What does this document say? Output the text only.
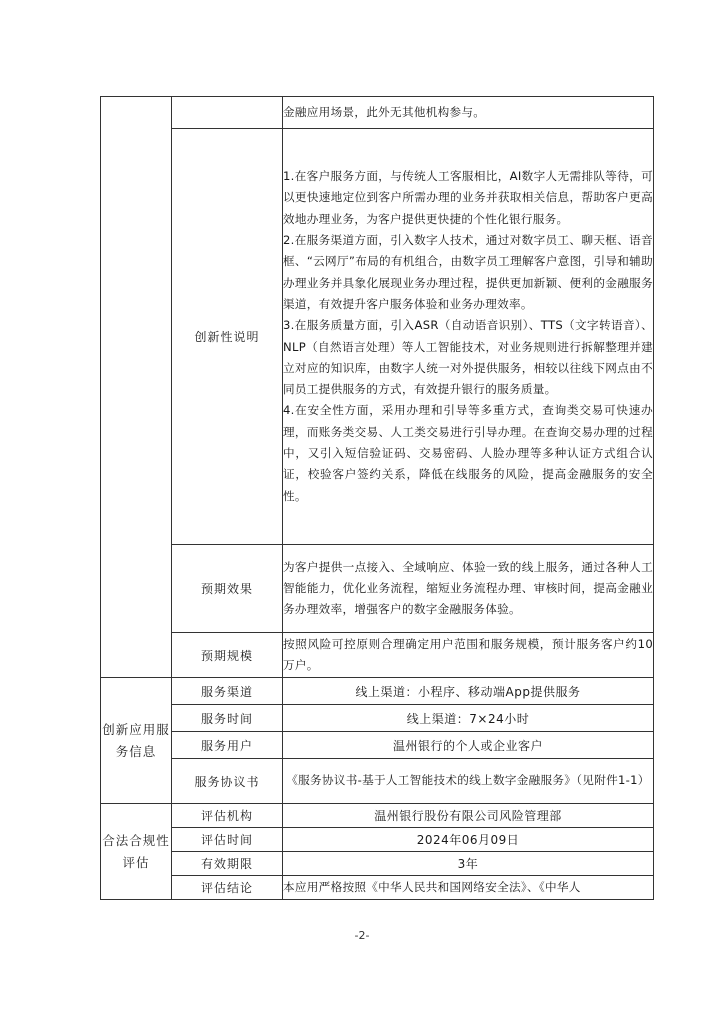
		金融应用场景，此外无其他机构参与。
	创新性说明	1.在客户服务方面，与传统人工客服相比，AI数字人无需排队等待，可以更快速地定位到客户所需办理的业务并获取相关信息，帮助客户更高效地办理业务，为客户提供更快捷的个性化银行服务。

2.在服务渠道方面，引入数字人技术，通过对数字员工、聊天框、语音框、“云网厅”布局的有机组合，由数字员工理解客户意图，引导和辅助办理业务并具象化展现业务办理过程，提供更加新颖、便利的金融服务渠道，有效提升客户服务体验和业务办理效率。

3.在服务质量方面，引入ASR（自动语音识别）、TTS（文字转语音）、NLP（自然语言处理）等人工智能技术，对业务规则进行拆解整理并建立对应的知识库，由数字人统一对外提供服务，相较以往线下网点由不同员工提供服务的方式，有效提升银行的服务质量。

4.在安全性方面，采用办理和引导等多重方式，查询类交易可快速办理，而账务类交易、人工类交易进行引导办理。在查询交易办理的过程中，又引入短信验证码、交易密码、人脸办理等多种认证方式组合认证，校验客户签约关系，降低在线服务的风险，提高金融服务的安全性。

	预期效果	为客户提供一点接入、全域响应、体验一致的线上服务，通过各种人工智能能力，优化业务流程，缩短业务流程办理、审核时间，提高金融业务办理效率，增强客户的数字金融服务体验。
	预期规模	按照风险可控原则合理确定用户范围和服务规模，预计服务客户约10万户。
创新应用服务信息	服务渠道	线上渠道：小程序、移动端App提供服务
	服务时间	线上渠道：7×24小时
	服务用户	温州银行的个人或企业客户
	服务协议书	《服务协议书-基于人工智能技术的线上数字金融服务》（见附件1-1）
合法合规性评估	评估机构	温州银行股份有限公司风险管理部
	评估时间	2024年06月09日
	有效期限	3年
	评估结论	本应用严格按照《中华人民共和国网络安全法》、《中华人
-2-
